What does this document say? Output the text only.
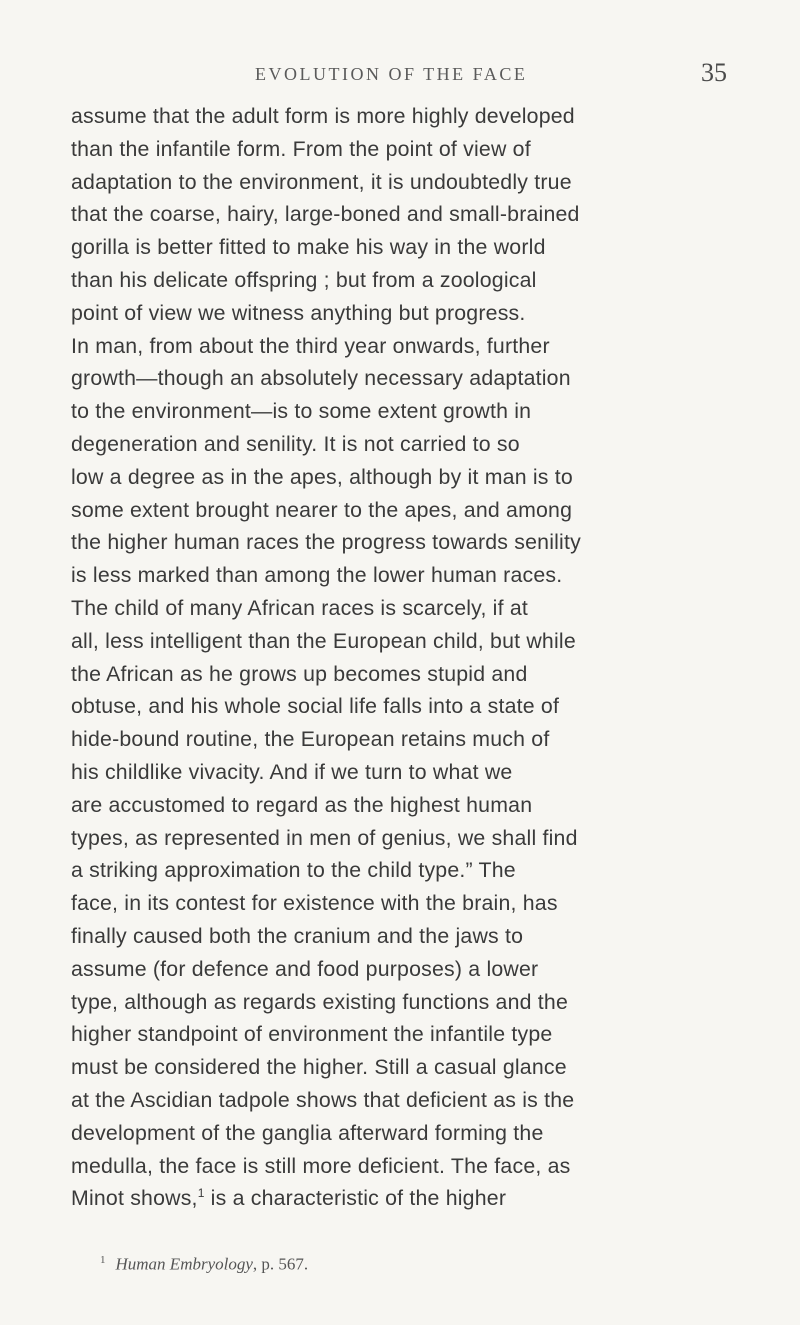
EVOLUTION OF THE FACE	35
assume that the adult form is more highly developed
than the infantile form. From the point of view of
adaptation to the environment, it is undoubtedly true
that the coarse, hairy, large-boned and small-brained
gorilla is better fitted to make his way in the world
than his delicate offspring ; but from a zoological
point of view we witness anything but progress.
In man, from about the third year onwards, further
growth—though an absolutely necessary adaptation
to the environment—is to some extent growth in
degeneration and senility. It is not carried to so
low a degree as in the apes, although by it man is to
some extent brought nearer to the apes, and among
the higher human races the progress towards senility
is less marked than among the lower human races.
The child of many African races is scarcely, if at
all, less intelligent than the European child, but while
the African as he grows up becomes stupid and
obtuse, and his whole social life falls into a state of
hide-bound routine, the European retains much of
his childlike vivacity. And if we turn to what we
are accustomed to regard as the highest human
types, as represented in men of genius, we shall find
a striking approximation to the child type.” The
face, in its contest for existence with the brain, has
finally caused both the cranium and the jaws to
assume (for defence and food purposes) a lower
type, although as regards existing functions and the
higher standpoint of environment the infantile type
must be considered the higher. Still a casual glance
at the Ascidian tadpole shows that deficient as is the
development of the ganglia afterward forming the
medulla, the face is still more deficient. The face, as
Minot shows,$^1$ is a characteristic of the higher
$^1$ Human Embryology, p. 567.
